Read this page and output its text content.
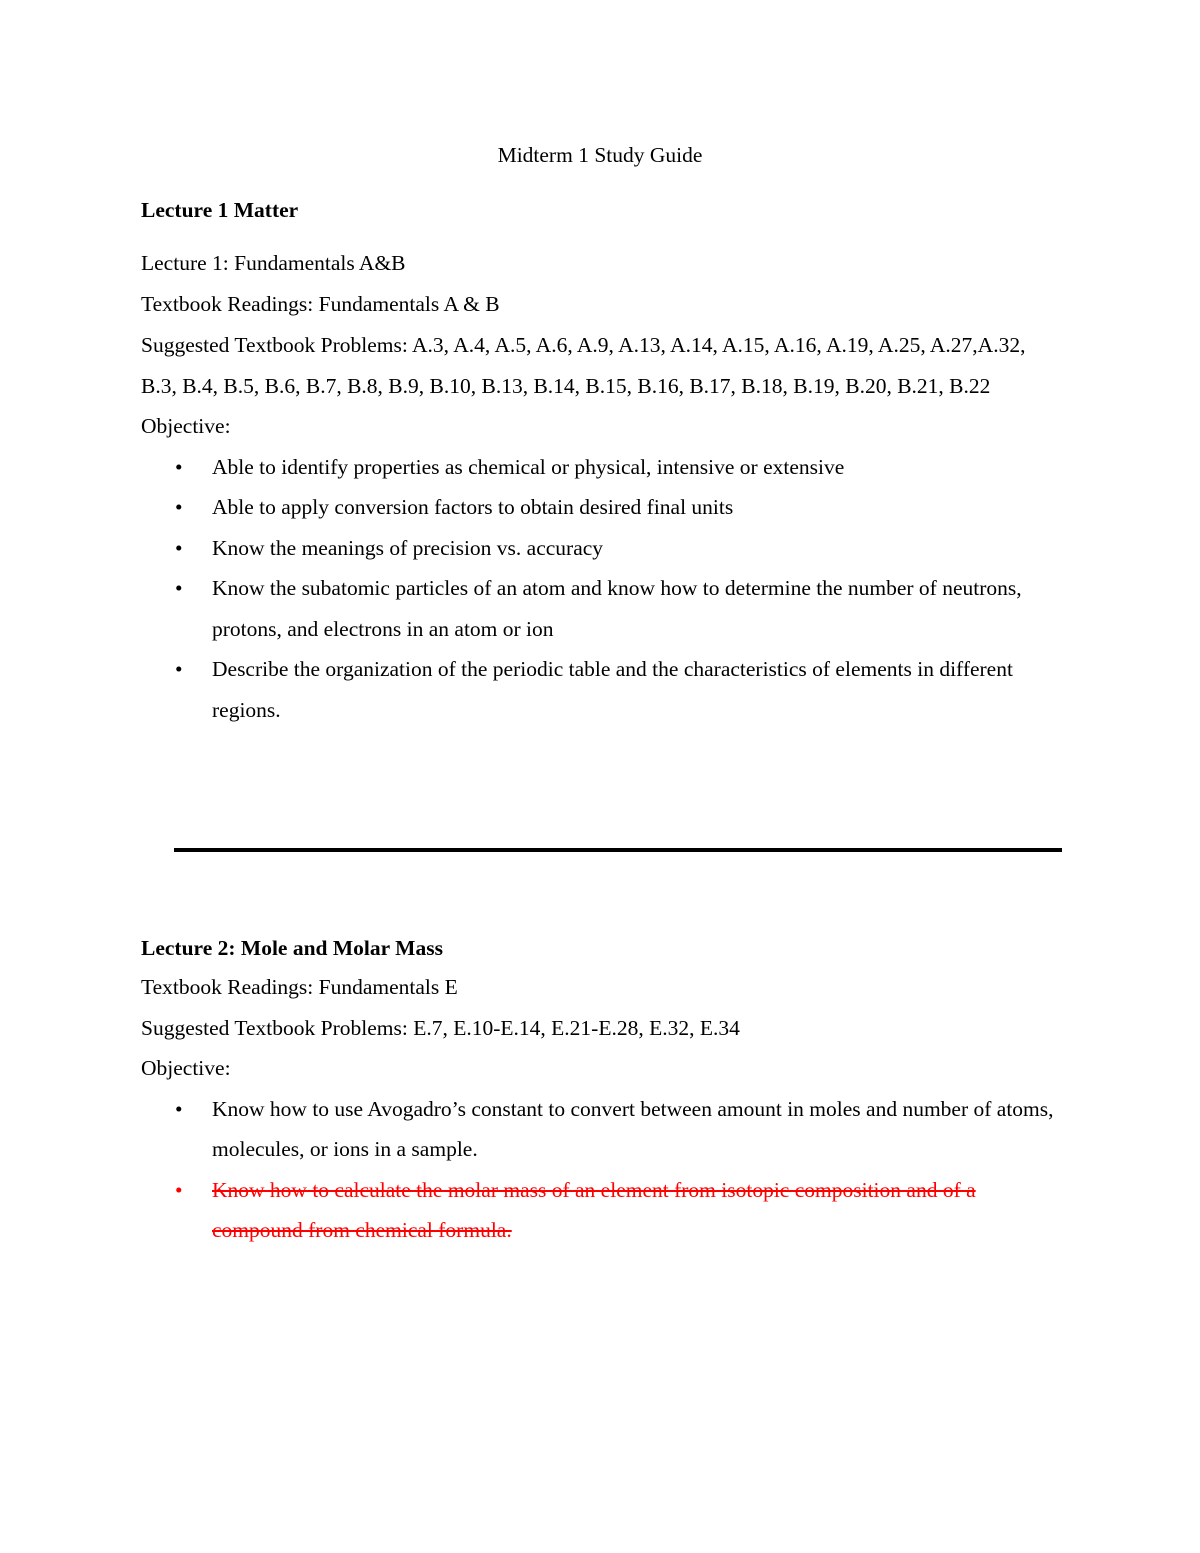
Midterm 1 Study Guide
Lecture 1 Matter
Lecture 1: Fundamentals A&B
Textbook Readings: Fundamentals A & B
Suggested Textbook Problems: A.3, A.4, A.5, A.6, A.9, A.13, A.14, A.15, A.16, A.19, A.25, A.27,A.32, B.3, B.4, B.5, B.6, B.7, B.8, B.9, B.10, B.13, B.14, B.15, B.16, B.17, B.18, B.19, B.20, B.21, B.22
Objective:
• Able to identify properties as chemical or physical, intensive or extensive
• Able to apply conversion factors to obtain desired final units
• Know the meanings of precision vs. accuracy
• Know the subatomic particles of an atom and know how to determine the number of neutrons, protons, and electrons in an atom or ion
• Describe the organization of the periodic table and the characteristics of elements in different regions.
Lecture 2: Mole and Molar Mass
Textbook Readings: Fundamentals E
Suggested Textbook Problems: E.7, E.10-E.14, E.21-E.28, E.32, E.34
Objective:
• Know how to use Avogadro’s constant to convert between amount in moles and number of atoms, molecules, or ions in a sample.
• Know how to calculate the molar mass of an element from isotopic composition and of a compound from chemical formula.
